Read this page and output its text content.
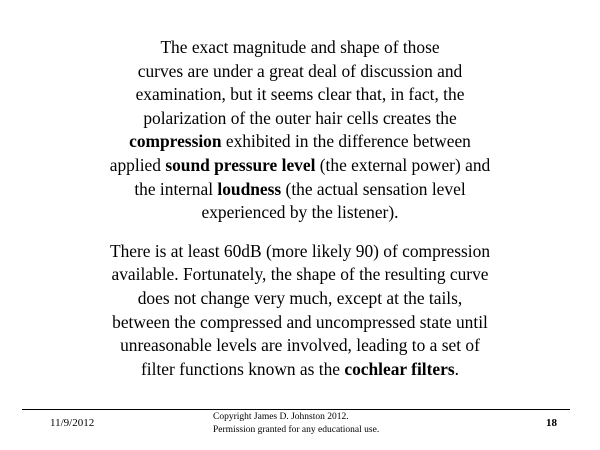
The exact magnitude and shape of those
curves are under a great deal of discussion and
examination, but it seems clear that, in fact, the
polarization of the outer hair cells creates the
compression exhibited in the difference between
applied sound pressure level (the external power) and
the internal loudness (the actual sensation level
experienced by the listener).
There is at least 60dB (more likely 90) of compression
available. Fortunately, the shape of the resulting curve
does not change very much, except at the tails,
between the compressed and uncompressed state until
unreasonable levels are involved, leading to a set of
filter functions known as the cochlear filters.
11/9/2012	Copyright James D. Johnston 2012.
Permission granted for any educational use.
18
